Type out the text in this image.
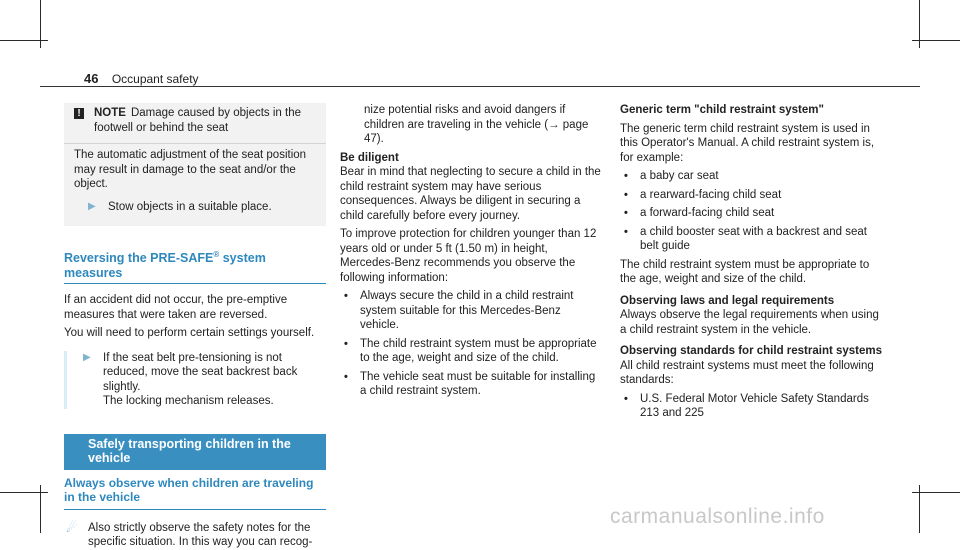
46 Occupant safety
! NOTE Damage caused by objects in the footwell or behind the seat

The automatic adjustment of the seat position may result in damage to the seat and/or the object.

▶	Stow objects in a suitable place.

Reversing the PRE-SAFE® system measures

If an accident did not occur, the pre-emptive measures that were taken are reversed.

You will need to perform certain settings yourself.

▶	If the seat belt pre-tensioning is not reduced, move the seat backrest back slightly.

The locking mechanism releases.

Safely transporting children in the vehicle
Always observe when children are traveling in the vehicle
☄ Also strictly observe the safety notes for the specific situation. In this way you can recog-

nize potential risks and avoid dangers if children are traveling in the vehicle (→ page 47).

Be diligent

Bear in mind that neglecting to secure a child in the child restraint system may have serious consequences. Always be diligent in securing a child carefully before every journey.

To improve protection for children younger than 12 years old or under 5 ft (1.50 m) in height, Mercedes-Benz recommends you observe the following information:

•	Always secure the child in a child restraint system suitable for this Mercedes-Benz vehicle.
•	The child restraint system must be appropriate to the age, weight and size of the child.
•	The vehicle seat must be suitable for installing a child restraint system.

Generic term "child restraint system"

The generic term child restraint system is used in this Operator's Manual. A child restraint system is, for example:

•	a baby car seat
•	a rearward-facing child seat
•	a forward-facing child seat
•	a child booster seat with a backrest and seat belt guide

The child restraint system must be appropriate to the age, weight and size of the child.

Observing laws and legal requirements

Always observe the legal requirements when using a child restraint system in the vehicle.

Observing standards for child restraint systems

All child restraint systems must meet the following standards:

•	U.S. Federal Motor Vehicle Safety Standards 213 and 225
carmanualsonline.info
